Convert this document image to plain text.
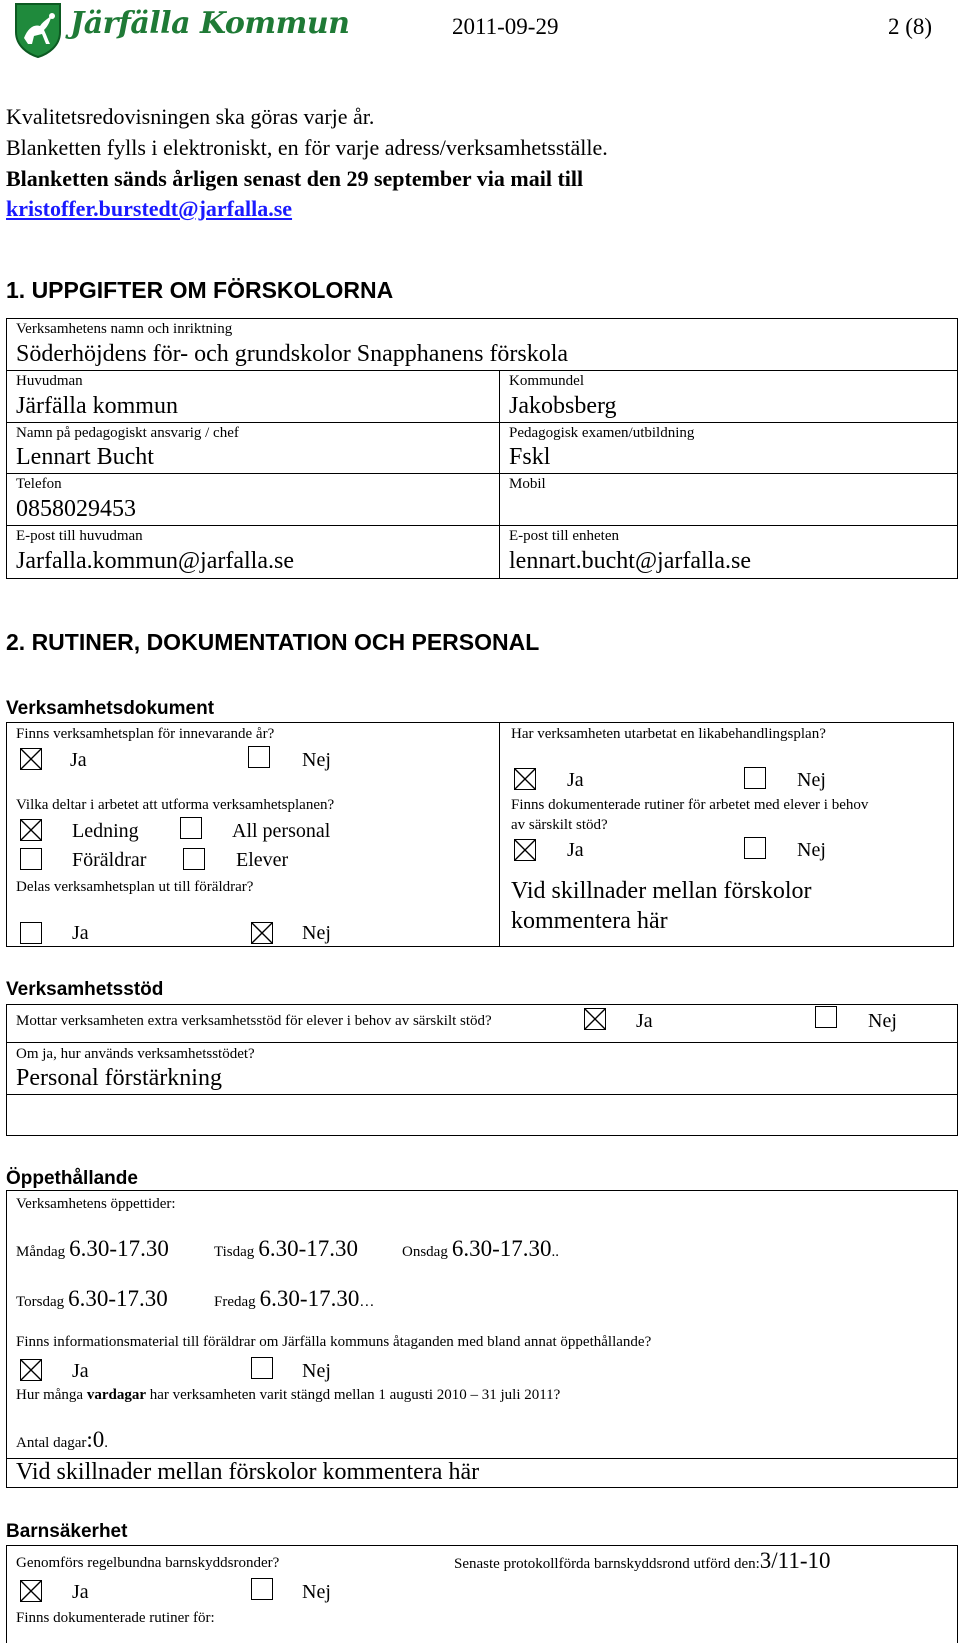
Järfälla Kommun	2011-09-29	2 (8)
Kvalitetsredovisningen ska göras varje år.
Blanketten fylls i elektroniskt, en för varje adress/verksamhetsställe.
Blanketten sänds årligen senast den 29 september via mail till
kristoffer.burstedt@jarfalla.se
1. UPPGIFTER OM FÖRSKOLORNA
Verksamhetens namn och inriktning
Söderhöjdens för- och grundskolor Snapphanens förskola
Huvudman
Järfälla kommun
Kommundel
Jakobsberg
Namn på pedagogiskt ansvarig / chef
Lennart Bucht
Pedagogisk examen/utbildning
Fskl
Telefon
0858029453
Mobil
E-post till huvudman
Jarfalla.kommun@jarfalla.se
E-post till enheten
lennart.bucht@jarfalla.se
2. RUTINER, DOKUMENTATION OCH PERSONAL
Verksamhetsdokument
Finns verksamhetsplan för innevarande år?
Ja	Nej
Vilka deltar i arbetet att utforma verksamhetsplanen?
Ledning	All personal
Föräldrar	Elever
Delas verksamhetsplan ut till föräldrar?
Ja	Nej
Har verksamheten utarbetat en likabehandlingsplan?
Ja	Nej
Finns dokumenterade rutiner för arbetet med elever i behov
av särskilt stöd?
Ja	Nej
Vid skillnader mellan förskolor
kommentera här
Verksamhetsstöd
Mottar verksamheten extra verksamhetsstöd för elever i behov av särskilt stöd?	Ja	Nej
Om ja, hur används verksamhetsstödet?
Personal förstärkning
Öppethållande
Verksamhetens öppettider:
Måndag 6.30-17.30	Tisdag 6.30-17.30	Onsdag 6.30-17.30..
Torsdag 6.30-17.30	Fredag 6.30-17.30…
Finns informationsmaterial till föräldrar om Järfälla kommuns åtaganden med bland annat öppethållande?
Ja	Nej
Hur många vardagar har verksamheten varit stängd mellan 1 augusti 2010 – 31 juli 2011?
Antal dagar:0.
Vid skillnader mellan förskolor kommentera här
Barnsäkerhet
Genomförs regelbundna barnskyddsronder?	Senaste protokollförda barnskyddsrond utförd den:3/11-10
Ja	Nej
Finns dokumenterade rutiner för:
